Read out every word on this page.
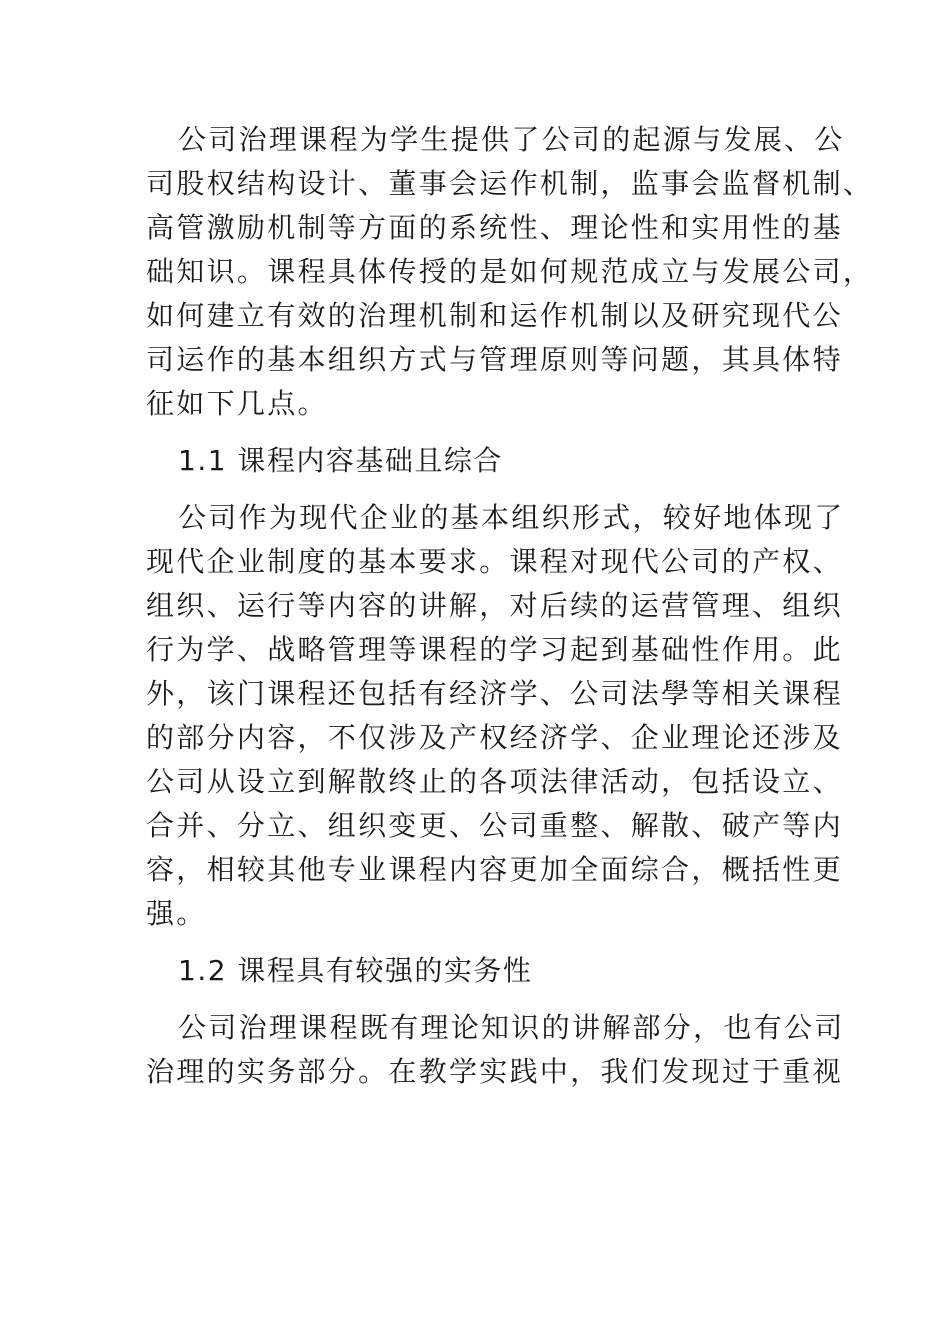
公司治理课程为学生提供了公司的起源与发展、公
司股权结构设计、董事会运作机制，监事会监督机制、
高管激励机制等方面的系统性、理论性和实用性的基
础知识。课程具体传授的是如何规范成立与发展公司，
如何建立有效的治理机制和运作机制以及研究现代公
司运作的基本组织方式与管理原则等问题，其具体特
征如下几点。
1.1 课程内容基础且综合
公司作为现代企业的基本组织形式，较好地体现了
现代企业制度的基本要求。课程对现代公司的产权、
组织、运行等内容的讲解，对后续的运营管理、组织
行为学、战略管理等课程的学习起到基础性作用。此
外，该门课程还包括有经济学、公司法學等相关课程
的部分内容，不仅涉及产权经济学、企业理论还涉及
公司从设立到解散终止的各项法律活动，包括设立、
合并、分立、组织变更、公司重整、解散、破产等内
容，相较其他专业课程内容更加全面综合，概括性更
强。
1.2 课程具有较强的实务性
公司治理课程既有理论知识的讲解部分，也有公司
治理的实务部分。在教学实践中，我们发现过于重视
